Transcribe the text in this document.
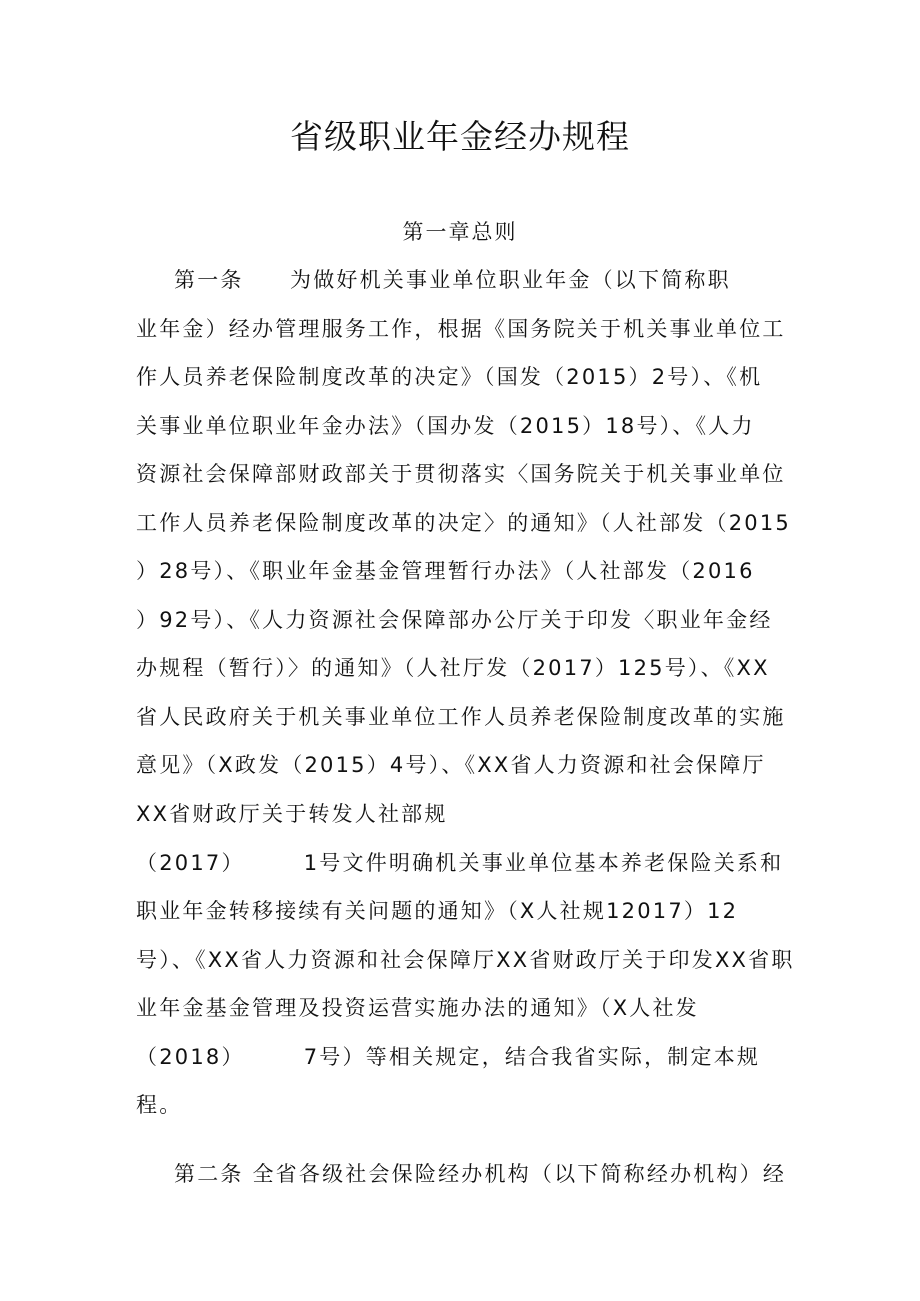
省级职业年金经办规程
第一章总则
第一条　　为做好机关事业单位职业年金（以下简称职
业年金）经办管理服务工作，根据《国务院关于机关事业单位工
作人员养老保险制度改革的决定》（国发（2015）2号）、《机
关事业单位职业年金办法》（国办发（2015）18号）、《人力
资源社会保障部财政部关于贯彻落实〈国务院关于机关事业单位
工作人员养老保险制度改革的决定〉的通知》（人社部发（2015
）28号）、《职业年金基金管理暂行办法》（人社部发（2016
）92号）、《人力资源社会保障部办公厅关于印发〈职业年金经
办规程（暂行）〉的通知》（人社厅发（2017）125号）、《XX
省人民政府关于机关事业单位工作人员养老保险制度改革的实施
意见》（X政发（2015）4号）、《XX省人力资源和社会保障厅
XX省财政厅关于转发人社部规
（2017）　　　1号文件明确机关事业单位基本养老保险关系和
职业年金转移接续有关问题的通知》（X人社规12017）12
号）、《XX省人力资源和社会保障厅XX省财政厅关于印发XX省职
业年金基金管理及投资运营实施办法的通知》（X人社发
（2018）　　　7号）等相关规定，结合我省实际，制定本规
程。
第二条 全省各级社会保险经办机构（以下简称经办机构）经
